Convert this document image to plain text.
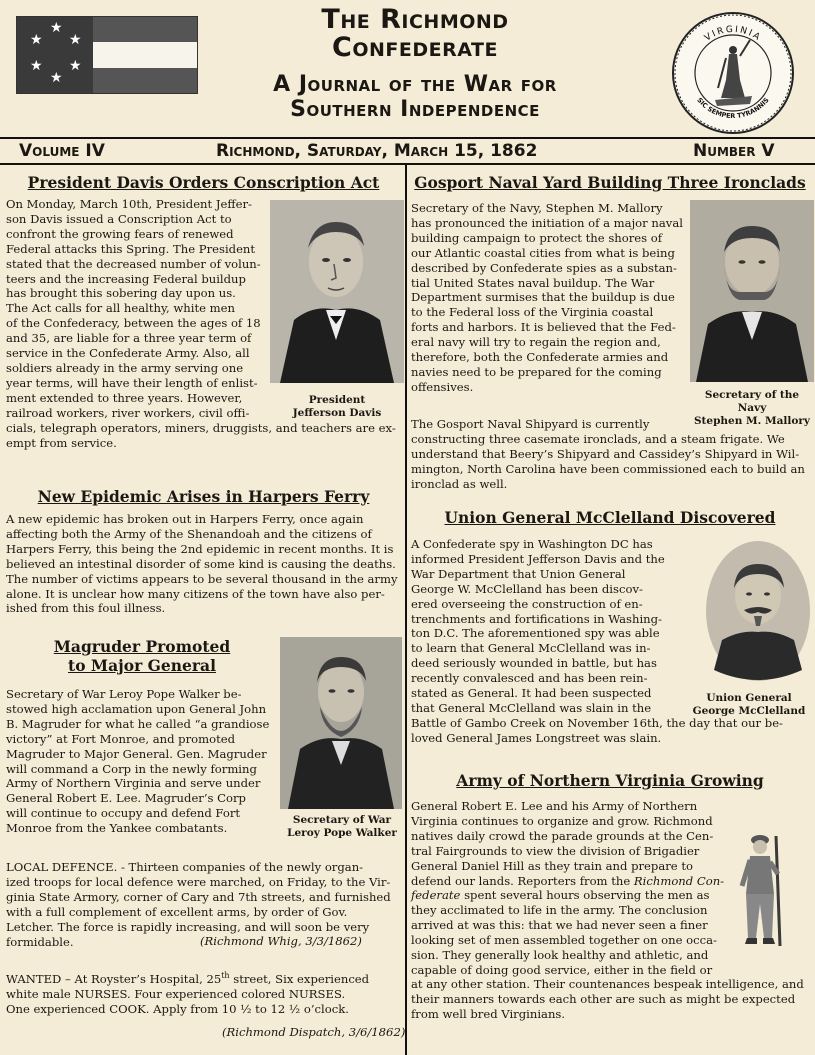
★
★ ★
★ ★
★
The Richmond
Confederate
A Journal of the War for
Southern Independence
VIRGINIA
SIC SEMPER TYRANNIS
Volume IV	Richmond, Saturday, March 15, 1862	Number V
President Davis Orders Conscription Act
On Monday, March 10th, President Jeffer-
son Davis issued a Conscription Act to
confront the growing fears of renewed
Federal attacks this Spring. The President
stated that the decreased number of volun-
teers and the increasing Federal buildup
has brought this sobering day upon us.
The Act calls for all healthy, white men
of the Confederacy, between the ages of 18
and 35, are liable for a three year term of
service in the Confederate Army. Also, all
soldiers already in the army serving one
year terms, will have their length of enlist-
ment extended to three years. However,
railroad workers, river workers, civil offi-
cials, telegraph operators, miners, druggists, and teachers are ex-
empt from service.
President
Jefferson Davis
New Epidemic Arises in Harpers Ferry
A new epidemic has broken out in Harpers Ferry, once again
affecting both the Army of the Shenandoah and the citizens of
Harpers Ferry, this being the 2nd epidemic in recent months. It is
believed an intestinal disorder of some kind is causing the deaths.
The number of victims appears to be several thousand in the army
alone. It is unclear how many citizens of the town have also per-
ished from this foul illness.
Magruder Promoted
to Major General
Secretary of War Leroy Pope Walker be-
stowed high acclamation upon General John
B. Magruder for what he called “a grandiose
victory” at Fort Monroe, and promoted
Magruder to Major General. Gen. Magruder
will command a Corp in the newly forming
Army of Northern Virginia and serve under
General Robert E. Lee. Magruder’s Corp
will continue to occupy and defend Fort
Monroe from the Yankee combatants.
Secretary of War
Leroy Pope Walker
LOCAL DEFENCE. - Thirteen companies of the newly organ-
ized troops for local defence were marched, on Friday, to the Vir-
ginia State Armory, corner of Cary and 7th streets, and furnished
with a full complement of excellent arms, by order of Gov.
Letcher. The force is rapidly increasing, and will soon be very
formidable.	(Richmond Whig, 3/3/1862)
WANTED – At Royster’s Hospital, 25th street, Six experienced
white male NURSES. Four experienced colored NURSES.
One experienced COOK. Apply from 10 ½ to 12 ½ o’clock.
(Richmond Dispatch, 3/6/1862)
Gosport Naval Yard Building Three Ironclads
Secretary of the Navy, Stephen M. Mallory
has pronounced the initiation of a major naval
building campaign to protect the shores of
our Atlantic coastal cities from what is being
described by Confederate spies as a substan-
tial United States naval buildup. The War
Department surmises that the buildup is due
to the Federal loss of the Virginia coastal
forts and harbors. It is believed that the Fed-
eral navy will try to regain the region and,
therefore, both the Confederate armies and
navies need to be prepared for the coming
offensives.
Secretary of the Navy
Stephen M. Mallory
The Gosport Naval Shipyard is currently
constructing three casemate ironclads, and a steam frigate. We
understand that Beery’s Shipyard and Cassidey’s Shipyard in Wil-
mington, North Carolina have been commissioned each to build an
ironclad as well.
Union General McClelland Discovered
A Confederate spy in Washington DC has
informed President Jefferson Davis and the
War Department that Union General
George W. McClelland has been discov-
ered overseeing the construction of en-
trenchments and fortifications in Washing-
ton D.C. The aforementioned spy was able
to learn that General McClelland was in-
deed seriously wounded in battle, but has
recently convalesced and has been rein-
stated as General. It had been suspected
that General McClelland was slain in the
Battle of Gambo Creek on November 16th, the day that our be-
loved General James Longstreet was slain.
Union General
George McClelland
Army of Northern Virginia Growing
General Robert E. Lee and his Army of Northern
Virginia continues to organize and grow. Richmond
natives daily crowd the parade grounds at the Cen-
tral Fairgrounds to view the division of Brigadier
General Daniel Hill as they train and prepare to
defend our lands. Reporters from the Richmond Con-
federate spent several hours observing the men as
they acclimated to life in the army. The conclusion
arrived at was this: that we had never seen a finer
looking set of men assembled together on one occa-
sion. They generally look healthy and athletic, and
capable of doing good service, either in the field or
at any other station. Their countenances bespeak intelligence, and
their manners towards each other are such as might be expected
from well bred Virginians.
